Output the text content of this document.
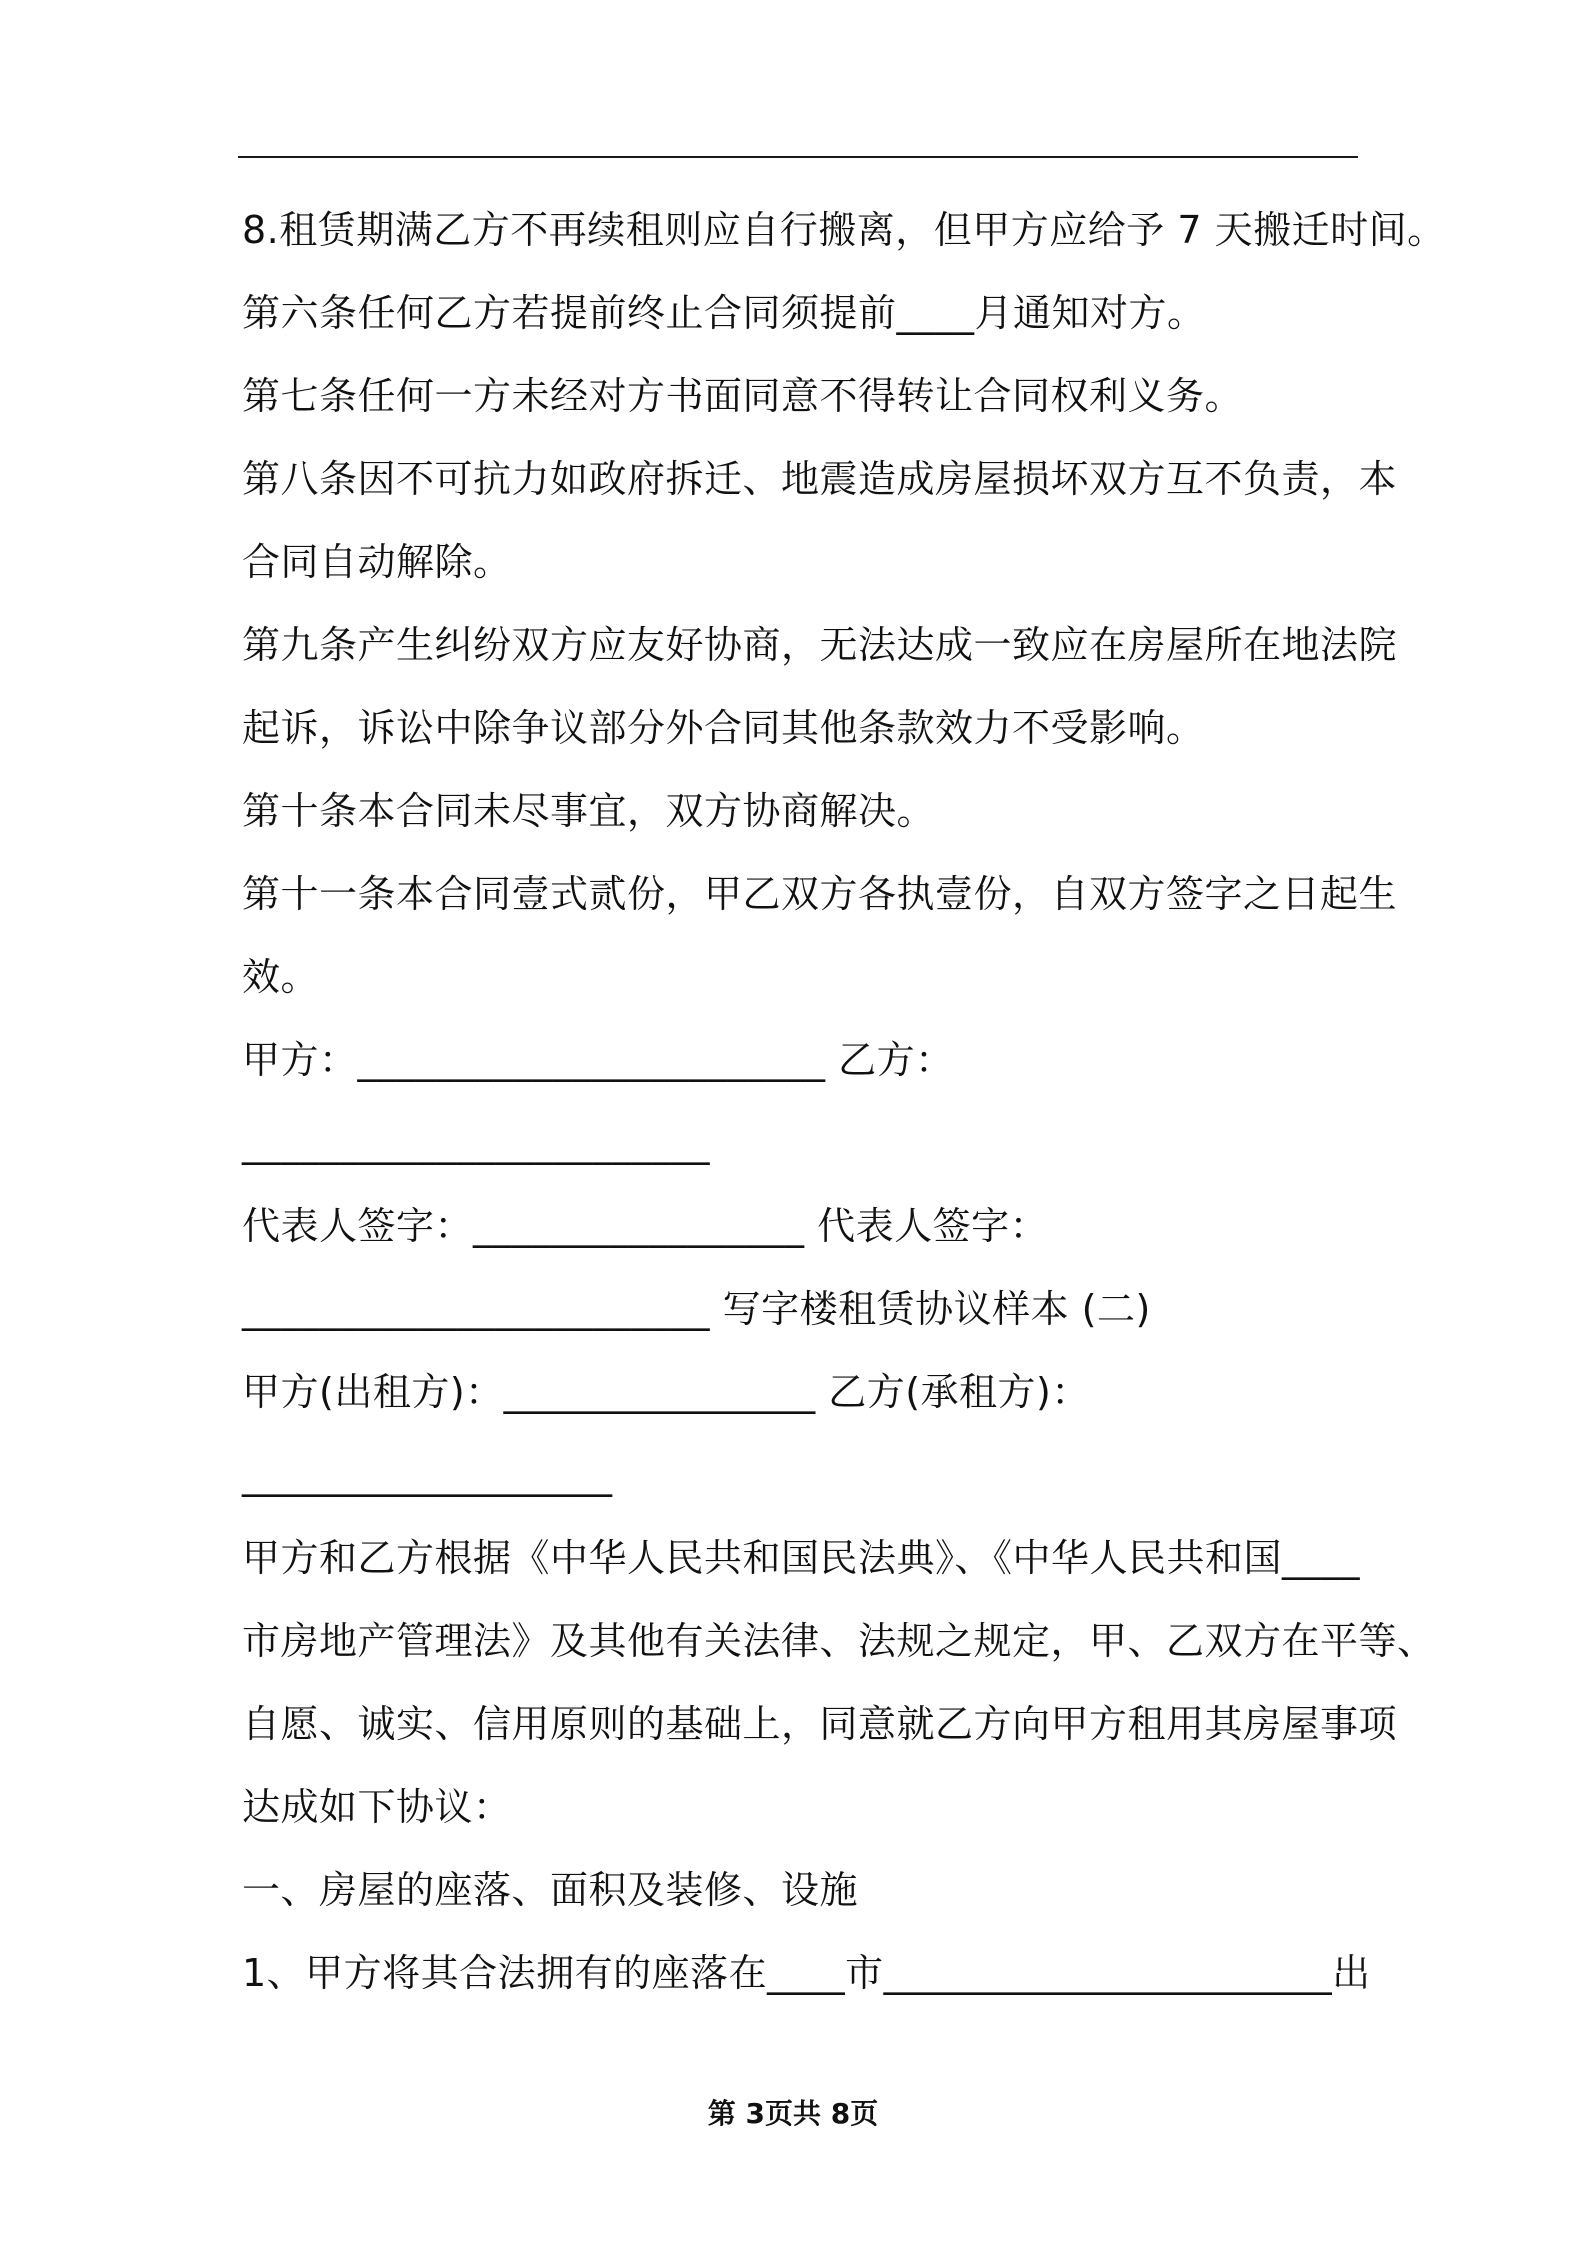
8.租赁期满乙方不再续租则应自行搬离，但甲方应给予 7 天搬迁时间。
第六条任何乙方若提前终止合同须提前____月通知对方。
第七条任何一方未经对方书面同意不得转让合同权利义务。
第八条因不可抗力如政府拆迁、地震造成房屋损坏双方互不负责，本
合同自动解除。
第九条产生纠纷双方应友好协商，无法达成一致应在房屋所在地法院
起诉，诉讼中除争议部分外合同其他条款效力不受影响。
第十条本合同未尽事宜，双方协商解决。
第十一条本合同壹式贰份，甲乙双方各执壹份，自双方签字之日起生
效。
甲方：________________________ 乙方：
________________________
代表人签字：_________________ 代表人签字：
________________________ 写字楼租赁协议样本 (二)
甲方(出租方)：________________ 乙方(承租方)：
___________________
甲方和乙方根据《中华人民共和国民法典》、《中华人民共和国____
市房地产管理法》及其他有关法律、法规之规定，甲、乙双方在平等、
自愿、诚实、信用原则的基础上，同意就乙方向甲方租用其房屋事项
达成如下协议：
一、房屋的座落、面积及装修、设施
1、甲方将其合法拥有的座落在____市_______________________出
第 3页共 8页
